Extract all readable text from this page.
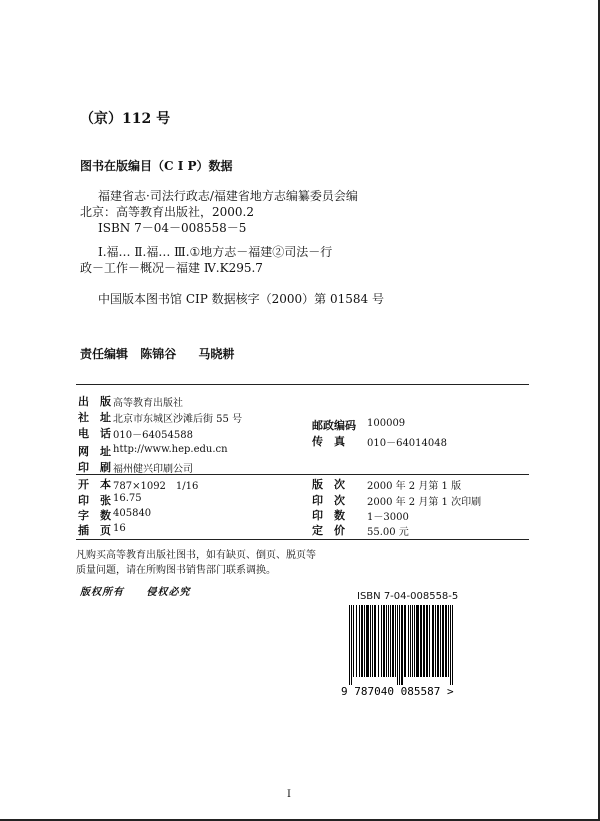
（京）112 号
图书在版编目（C I P）数据
福建省志·司法行政志/福建省地方志编纂委员会编
北京：高等教育出版社，2000.2
ISBN 7－04－008558－5
Ⅰ.福… Ⅱ.福… Ⅲ.①地方志－福建②司法－行
政－工作－概况－福建 Ⅳ.K295.7
中国版本图书馆 CIP 数据核字（2000）第 01584 号
责任编辑 陈锦谷 马晓耕
出　版 高等教育出版社
社　址 北京市东城区沙滩后街 55 号
电　话 010－64054588
网　址 http://www.hep.edu.cn
印　刷 福州健兴印刷公司
开　本 787×1092　1/16
印　张 16.75
字　数 405840
插　页 16
邮政编码 100009
传　真 010－64014048
版　次 2000 年 2 月第 1 版
印　次 2000 年 2 月第 1 次印刷
印　数 1－3000
定　价 55.00 元
凡购买高等教育出版社图书，如有缺页、倒页、脱页等
质量问题，请在所购图书销售部门联系调换。
版权所有 侵权必究	ISBN 7-04-008558-5
9 787040 085587 >
I
